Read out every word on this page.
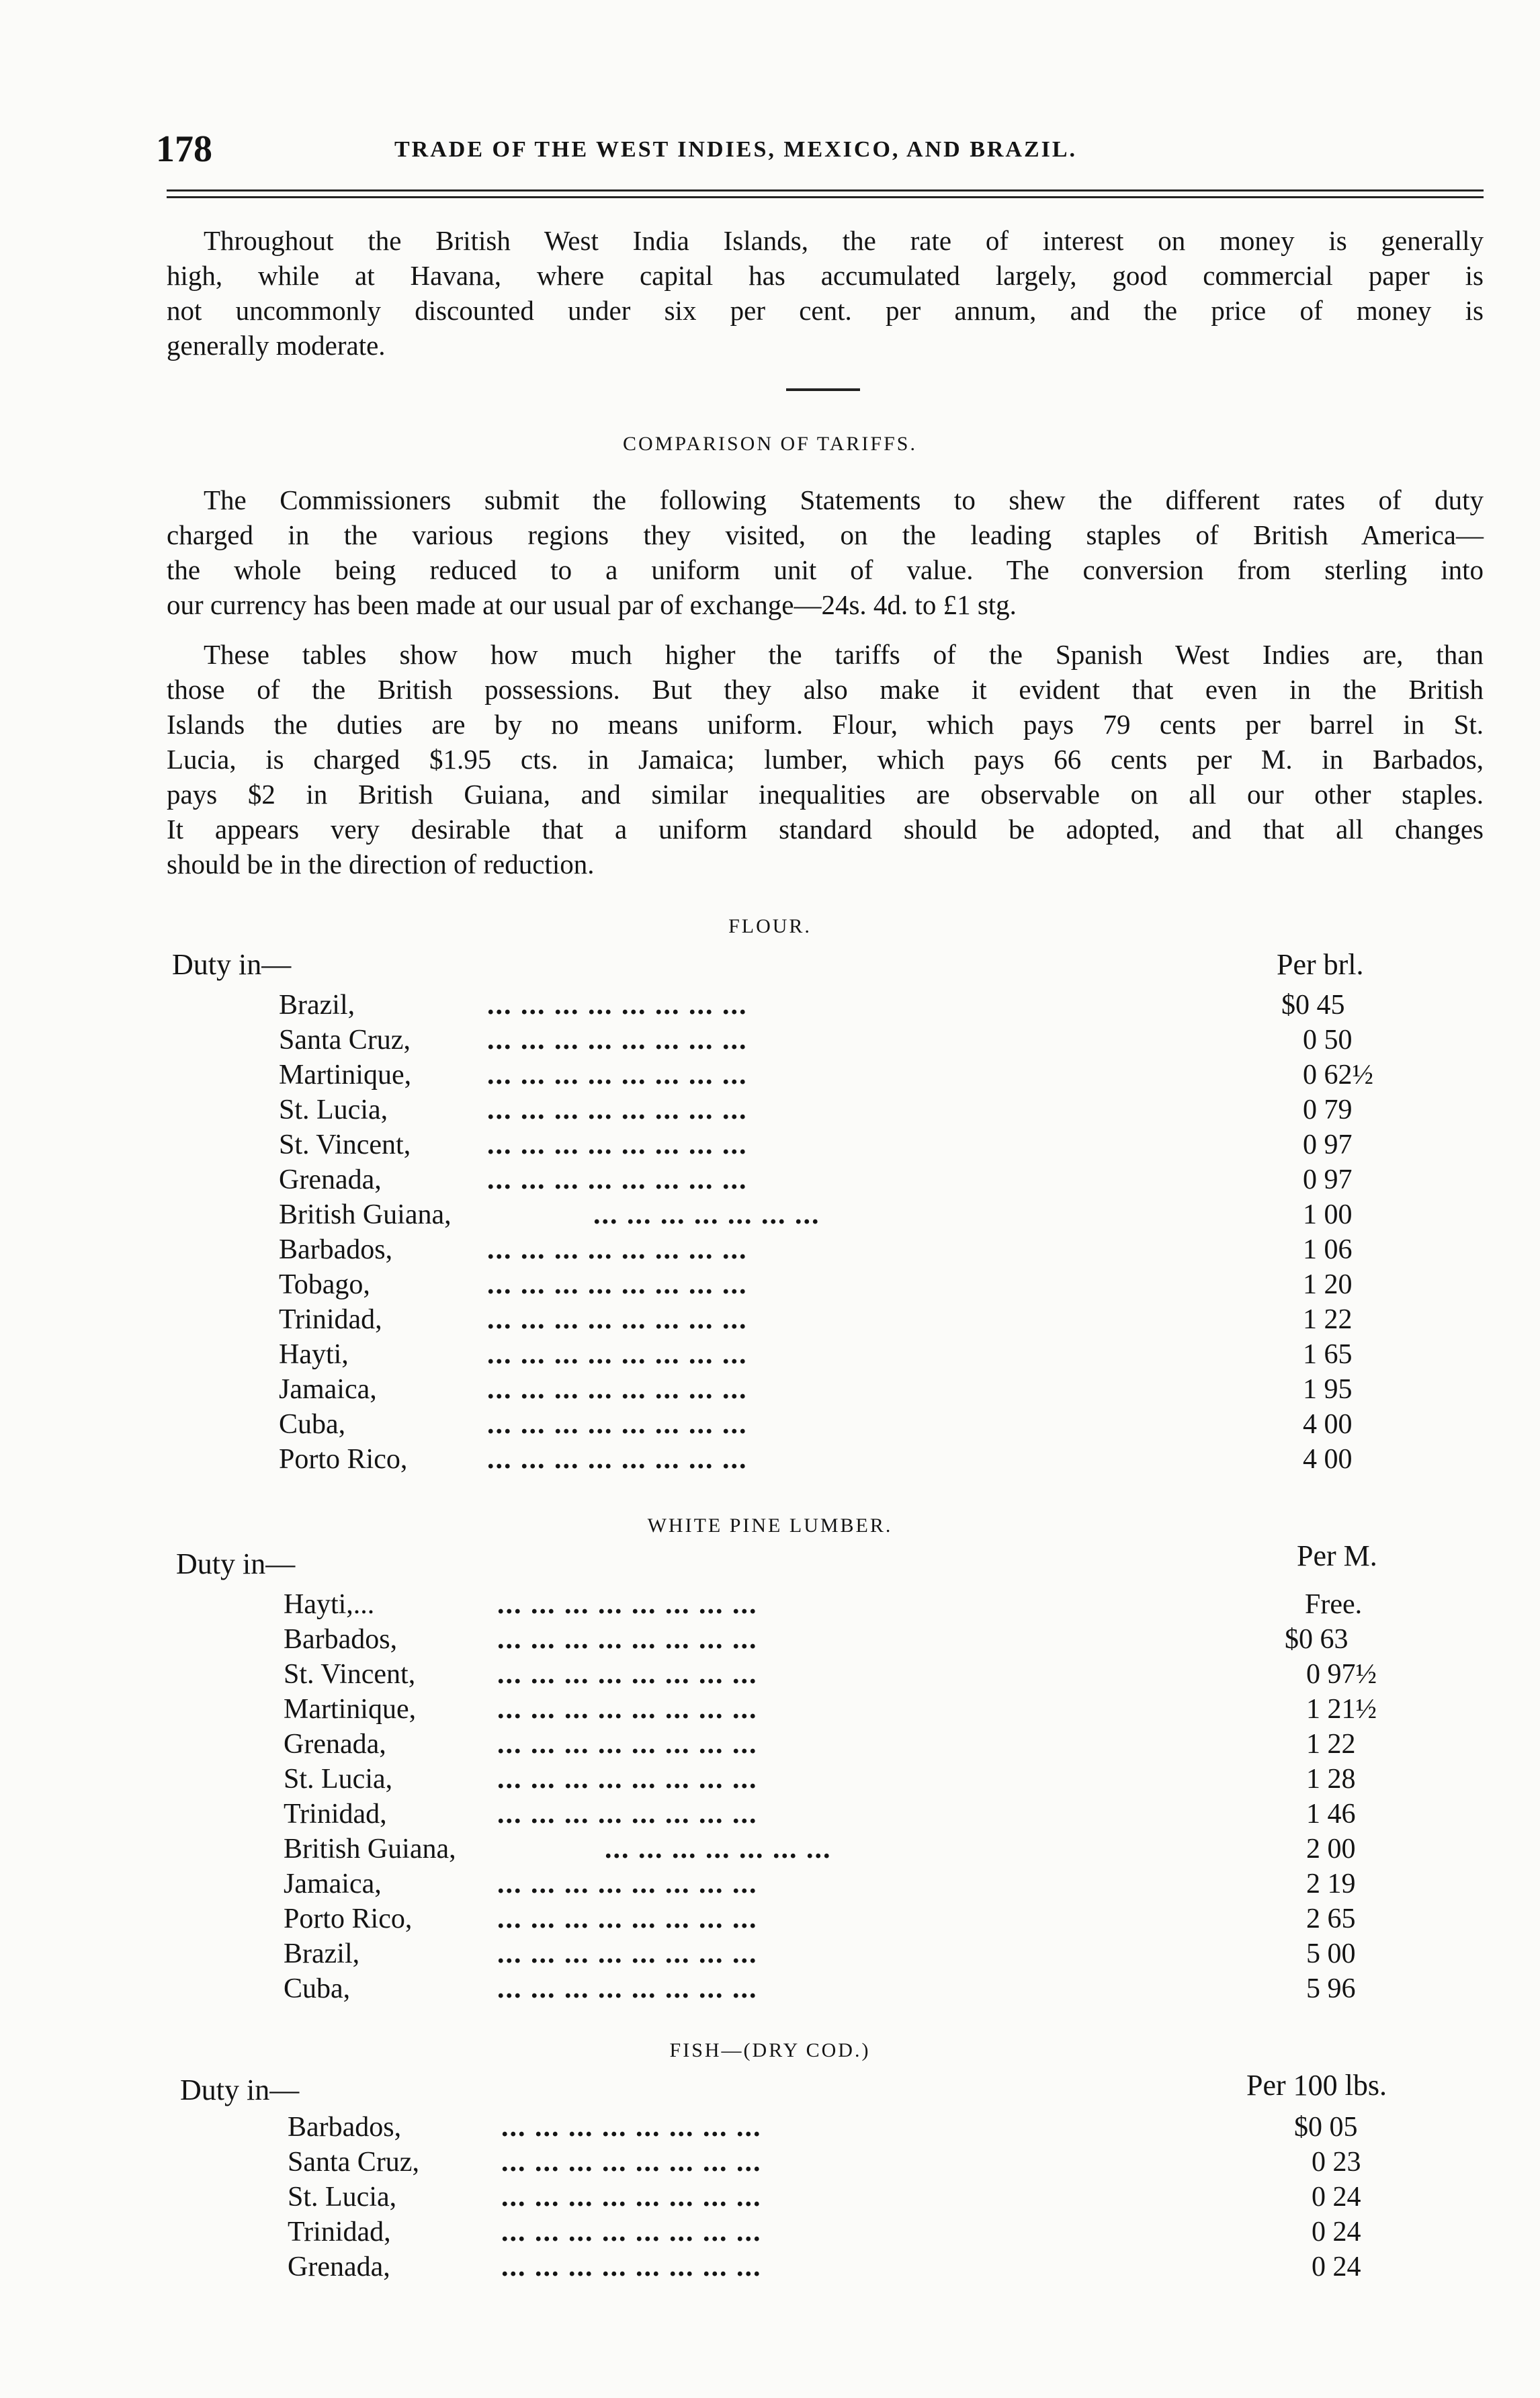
178	TRADE OF THE WEST INDIES, MEXICO, AND BRAZIL.
Throughout the British West India Islands, the rate of interest on money is generally
high, while at Havana, where capital has accumulated largely, good commercial paper is
not uncommonly discounted under six per cent. per annum, and the price of money is
generally moderate.
COMPARISON OF TARIFFS.
The Commissioners submit the following Statements to shew the different rates of duty
charged in the various regions they visited, on the leading staples of British America—
the whole being reduced to a uniform unit of value. The conversion from sterling into
our currency has been made at our usual par of exchange—24s. 4d. to £1 stg.
These tables show how much higher the tariffs of the Spanish West Indies are, than
those of the British possessions. But they also make it evident that even in the British
Islands the duties are by no means uniform. Flour, which pays 79 cents per barrel in St.
Lucia, is charged $1.95 cts. in Jamaica; lumber, which pays 66 cents per M. in Barbados,
pays $2 in British Guiana, and similar inequalities are observable on all our other staples.
It appears very desirable that a uniform standard should be adopted, and that all changes
should be in the direction of reduction.
FLOUR.
Duty in—	Per brl.
Brazil,	... ... ... ... ... ... ... ...	$0 45
Santa Cruz,	... ... ... ... ... ... ... ...	0 50
Martinique,	... ... ... ... ... ... ... ...	0 62½
St. Lucia,	... ... ... ... ... ... ... ...	0 79
St. Vincent,	... ... ... ... ... ... ... ...	0 97
Grenada,	... ... ... ... ... ... ... ...	0 97
British Guiana,	... ... ... ... ... ... ...	1 00
Barbados,	... ... ... ... ... ... ... ...	1 06
Tobago,	... ... ... ... ... ... ... ...	1 20
Trinidad,	... ... ... ... ... ... ... ...	1 22
Hayti,	... ... ... ... ... ... ... ...	1 65
Jamaica,	... ... ... ... ... ... ... ...	1 95
Cuba,	... ... ... ... ... ... ... ...	4 00
Porto Rico,	... ... ... ... ... ... ... ...	4 00
WHITE PINE LUMBER.
Duty in—	Per M.
Hayti,...	... ... ... ... ... ... ... ...	Free.
Barbados,	... ... ... ... ... ... ... ...	$0 63
St. Vincent,	... ... ... ... ... ... ... ...	0 97½
Martinique,	... ... ... ... ... ... ... ...	1 21½
Grenada,	... ... ... ... ... ... ... ...	1 22
St. Lucia,	... ... ... ... ... ... ... ...	1 28
Trinidad,	... ... ... ... ... ... ... ...	1 46
British Guiana,	... ... ... ... ... ... ...	2 00
Jamaica,	... ... ... ... ... ... ... ...	2 19
Porto Rico,	... ... ... ... ... ... ... ...	2 65
Brazil,	... ... ... ... ... ... ... ...	5 00
Cuba,	... ... ... ... ... ... ... ...	5 96
FISH—(DRY COD.)
Duty in—	Per 100 lbs.
Barbados,	... ... ... ... ... ... ... ...	$0 05
Santa Cruz,	... ... ... ... ... ... ... ...	0 23
St. Lucia,	... ... ... ... ... ... ... ...	0 24
Trinidad,	... ... ... ... ... ... ... ...	0 24
Grenada,	... ... ... ... ... ... ... ...	0 24
